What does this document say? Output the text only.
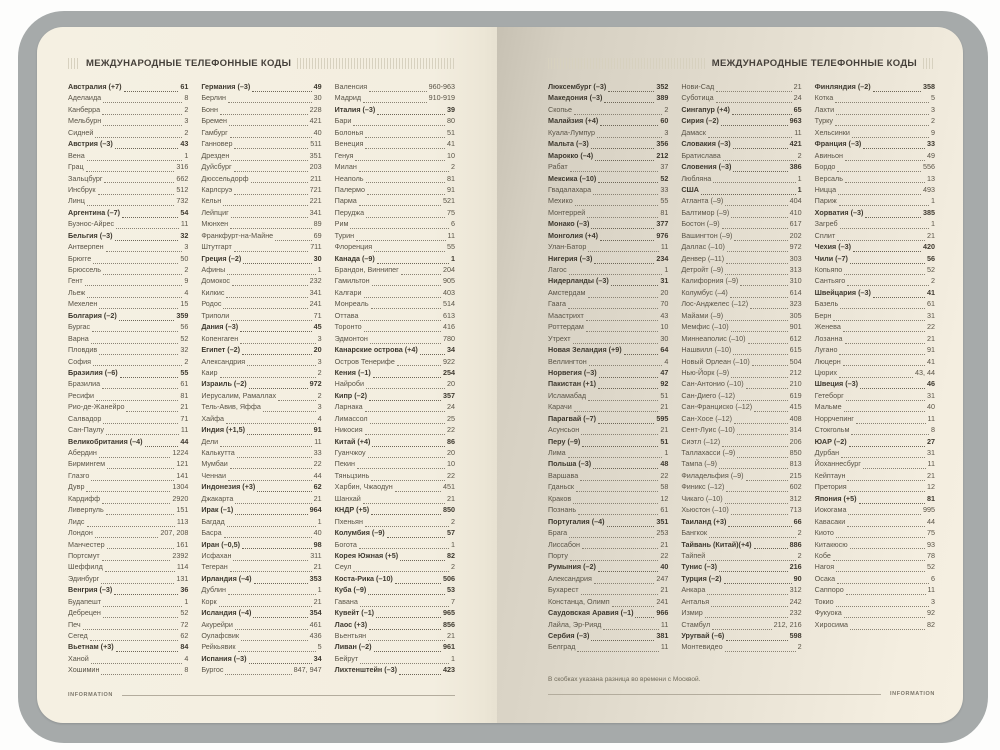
МЕЖДУНАРОДНЫЕ ТЕЛЕФОННЫЕ КОДЫ
Австралия (+7)	61
Аделаида	8
Канберра	2
Мельбурн	3
Сидней	2
Австрия (–3)	43
Вена	1
Грац	316
Зальцбург	662
Инсбрук	512
Линц	732
Аргентина (–7)	54
Буэнос-Айрес	11
Бельгия (–3)	32
Антверпен	3
Брюгге	50
Брюссель	2
Гент	9
Льеж	4
Мехелен	15
Болгария (–2)	359
Бургас	56
Варна	52
Пловдив	32
София	2
Бразилия (–6)	55
Бразилиа	61
Ресифи	81
Рио-де-Жанейро	21
Салвадор	71
Сан-Паулу	11
Великобритания (–4)	44
Абердин	1224
Бирмингем	121
Глазго	141
Дувр	1304
Кардифф	2920
Ливерпуль	151
Лидс	113
Лондон	207, 208
Манчестер	161
Портсмут	2392
Шеффилд	114
Эдинбург	131
Венгрия (–3)	36
Будапешт	1
Дебрецен	52
Печ	72
Сегед	62
Вьетнам (+3)	84
Ханой	4
Хошимин	8
Германия (–3)	49
Берлин	30
Бонн	228
Бремен	421
Гамбург	40
Ганновер	511
Дрезден	351
Дуйсбург	203
Дюссельдорф	211
Карлсруэ	721
Кельн	221
Лейпциг	341
Мюнхен	89
Франкфурт-на-Майне	69
Штутгарт	711
Греция (–2)	30
Афины	1
Домокос	232
Килкис	341
Родос	241
Триполи	71
Дания (–3)	45
Копенгаген	3
Египет (–2)	20
Александрия	3
Каир	2
Израиль (–2)	972
Иерусалим, Рамаллах	2
Тель-Авив, Яффа	3
Хайфа	4
Индия (+1,5)	91
Дели	11
Калькутта	33
Мумбаи	22
Ченнаи	44
Индонезия (+3)	62
Джакарта	21
Ирак (–1)	964
Багдад	1
Басра	40
Иран (–0,5)	98
Исфахан	311
Тегеран	21
Ирландия (–4)	353
Дублин	1
Корк	21
Исландия (–4)	354
Акурейри	461
Оулафсвик	436
Рейкьявик	5
Испания (–3)	34
Бургос	847, 947
Валенсия	960-963
Мадрид	910-919
Италия (–3)	39
Бари	80
Болонья	51
Венеция	41
Генуя	10
Милан	2
Неаполь	81
Палермо	91
Парма	521
Перуджа	75
Рим	6
Турин	11
Флоренция	55
Канада (–9)	1
Брандон, Виннипег	204
Гамильтон	905
Калгари	403
Монреаль	514
Оттава	613
Торонто	416
Эдмонтон	780
Канарские острова (+4)	34
Остров Тенерифе	922
Кения (–1)	254
Найроби	20
Кипр (–2)	357
Ларнака	24
Лимассол	25
Никосия	22
Китай (+4)	86
Гуанчжоу	20
Пекин	10
Тяньцзинь	22
Харбин, Чжаодун	451
Шанхай	21
КНДР (+5)	850
Пхеньян	2
Колумбия (–9)	57
Богота	1
Корея Южная (+5)	82
Сеул	2
Коста-Рика (–10)	506
Куба (–9)	53
Гавана	7
Кувейт (–1)	965
Лаос (+3)	856
Вьентьян	21
Ливан (–2)	961
Бейрут	1
Лихтенштейн (–3)	423
INFORMATION
МЕЖДУНАРОДНЫЕ ТЕЛЕФОННЫЕ КОДЫ
Люксембург (–3)	352
Македония (–3)	389
Скопье	2
Малайзия (+4)	60
Куала-Лумпур	3
Мальта (–3)	356
Марокко (–4)	212
Рабат	37
Мексика (–10)	52
Гвадалахара	33
Мехико	55
Монтеррей	81
Монако (–3)	377
Монголия (+4)	976
Улан-Батор	11
Нигерия (–3)	234
Лагос	1
Нидерланды (–3)	31
Амстердам	20
Гаага	70
Маастрихт	43
Роттердам	10
Утрехт	30
Новая Зеландия (+9)	64
Веллингтон	4
Норвегия (–3)	47
Пакистан (+1)	92
Исламабад	51
Карачи	21
Парагвай (–7)	595
Асунсьон	21
Перу (–9)	51
Лима	1
Польша (–3)	48
Варшава	22
Гданьск	58
Краков	12
Познань	61
Португалия (–4)	351
Брага	253
Лиссабон	21
Порту	22
Румыния (–2)	40
Александрия	247
Бухарест	21
Констанца, Олимп	241
Саудовская Аравия (–1)	966
Лайла, Эр-Рияд	11
Сербия (–3)	381
Белград	11
Нови-Сад	21
Суботица	24
Сингапур (+4)	65
Сирия (–2)	963
Дамаск	11
Словакия (–3)	421
Братислава	2
Словения (–3)	386
Любляна	1
США	1
Атланта (–9)	404
Балтимор (–9)	410
Бостон (–9)	617
Вашингтон (–9)	202
Даллас (–10)	972
Денвер (–11)	303
Детройт (–9)	313
Калифорния (–9)	310
Колумбус (–4)	614
Лос-Анджелес (–12)	323
Майами (–9)	305
Мемфис (–10)	901
Миннеаполис (–10)	612
Нашвилл (–10)	615
Новый Орлеан (–10)	504
Нью-Йорк (–9)	212
Сан-Антонио (–10)	210
Сан-Диего (–12)	619
Сан-Франциско (–12)	415
Сан-Хосе (–12)	408
Сент-Луис (–10)	314
Сиэтл (–12)	206
Таллахасси (–9)	850
Тампа (–9)	813
Филадельфия (–9)	215
Финикс (–12)	602
Чикаго (–10)	312
Хьюстон (–10)	713
Таиланд (+3)	66
Бангкок	2
Тайвань (Китай)(+4)	886
Тайпей	2
Тунис (–3)	216
Турция (–2)	90
Анкара	312
Анталья	242
Измир	232
Стамбул	212, 216
Уругвай (–6)	598
Монтевидео	2
Финляндия (–2)	358
Котка	5
Лахти	3
Турку	2
Хельсинки	9
Франция (–3)	33
Авиньон	49
Бордо	556
Версаль	13
Ницца	493
Париж	1
Хорватия (–3)	385
Загреб	1
Сплит	21
Чехия (–3)	420
Чили (–7)	56
Копьяпо	52
Сантьяго	2
Швейцария (–3)	41
Базель	61
Берн	31
Женева	22
Лозанна	21
Лугано	91
Люцерн	41
Цюрих	43, 44
Швеция (–3)	46
Гетеборг	31
Мальме	40
Норрчепинг	11
Стокгольм	8
ЮАР (–2)	27
Дурбан	31
Йоханнесбург	11
Кейптаун	21
Претория	12
Япония (+5)	81
Иокогама	995
Кавасаки	44
Киото	75
Китакюсю	93
Кобе	78
Нагоя	52
Осака	6
Саппоро	11
Токио	3
Фукуока	92
Хиросима	82
В скобках указана разница во времени с Москвой.
INFORMATION
